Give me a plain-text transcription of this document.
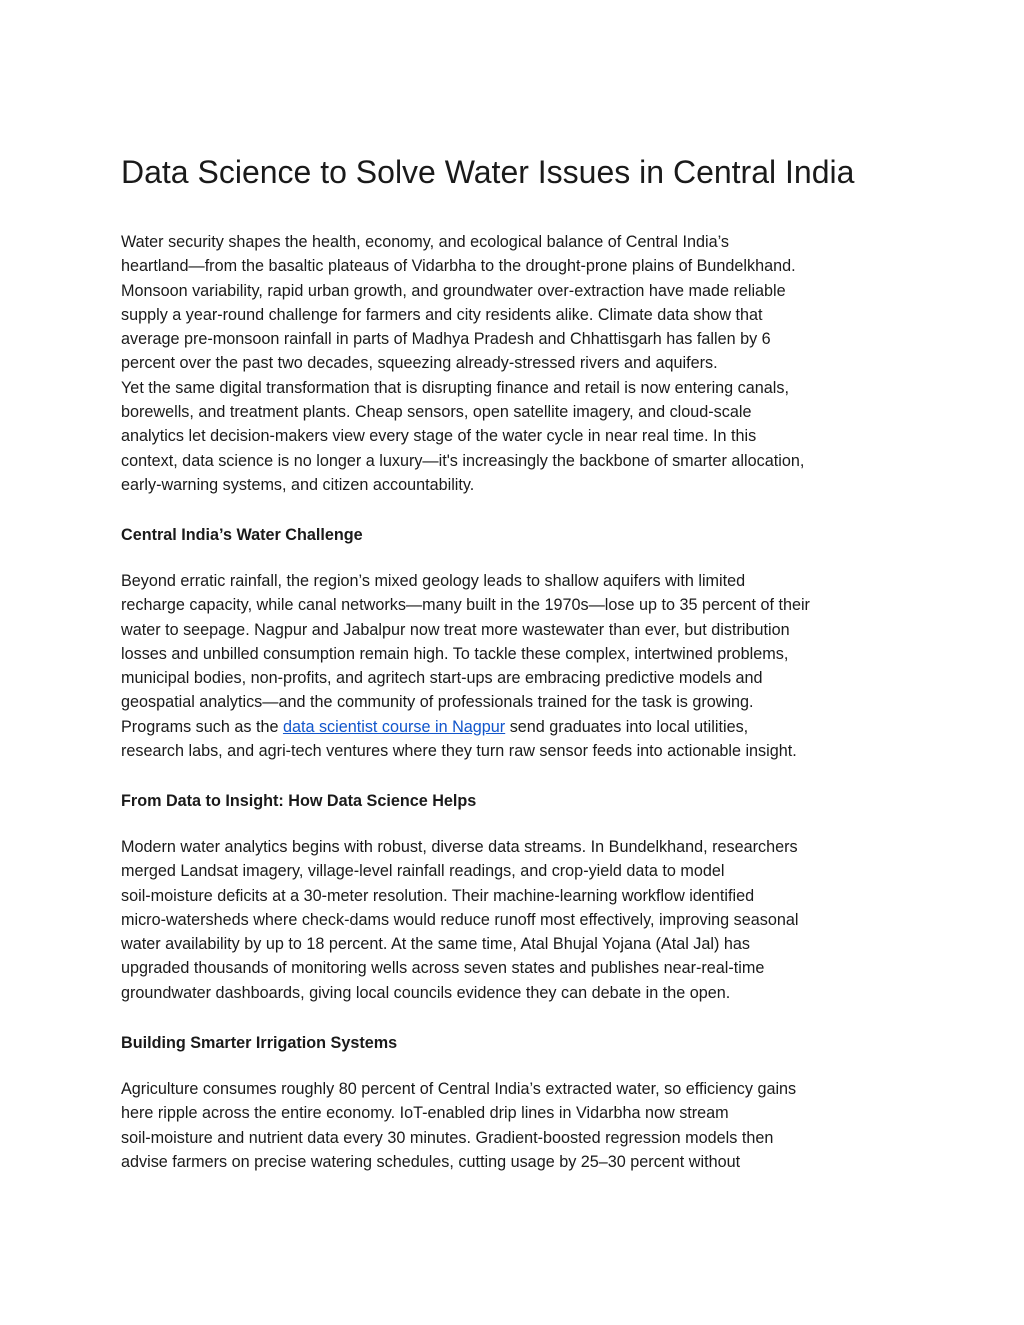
Data Science to Solve Water Issues in Central India
Water security shapes the health, economy, and ecological balance of Central India’s
heartland—from the basaltic plateaus of Vidarbha to the drought-prone plains of Bundelkhand.
Monsoon variability, rapid urban growth, and groundwater over-extraction have made reliable
supply a year-round challenge for farmers and city residents alike. Climate data show that
average pre-monsoon rainfall in parts of Madhya Pradesh and Chhattisgarh has fallen by 6
percent over the past two decades, squeezing already-stressed rivers and aquifers.
Yet the same digital transformation that is disrupting finance and retail is now entering canals,
borewells, and treatment plants. Cheap sensors, open satellite imagery, and cloud-scale
analytics let decision-makers view every stage of the water cycle in near real time. In this
context, data science is no longer a luxury—it's increasingly the backbone of smarter allocation,
early-warning systems, and citizen accountability.
Central India’s Water Challenge
Beyond erratic rainfall, the region’s mixed geology leads to shallow aquifers with limited
recharge capacity, while canal networks—many built in the 1970s—lose up to 35 percent of their
water to seepage. Nagpur and Jabalpur now treat more wastewater than ever, but distribution
losses and unbilled consumption remain high. To tackle these complex, intertwined problems,
municipal bodies, non-profits, and agritech start-ups are embracing predictive models and
geospatial analytics—and the community of professionals trained for the task is growing.
Programs such as the data scientist course in Nagpur send graduates into local utilities,
research labs, and agri-tech ventures where they turn raw sensor feeds into actionable insight.
From Data to Insight: How Data Science Helps
Modern water analytics begins with robust, diverse data streams. In Bundelkhand, researchers
merged Landsat imagery, village-level rainfall readings, and crop-yield data to model
soil-moisture deficits at a 30-meter resolution. Their machine-learning workflow identified
micro-watersheds where check-dams would reduce runoff most effectively, improving seasonal
water availability by up to 18 percent. At the same time, Atal Bhujal Yojana (Atal Jal) has
upgraded thousands of monitoring wells across seven states and publishes near-real-time
groundwater dashboards, giving local councils evidence they can debate in the open.
Building Smarter Irrigation Systems
Agriculture consumes roughly 80 percent of Central India’s extracted water, so efficiency gains
here ripple across the entire economy. IoT-enabled drip lines in Vidarbha now stream
soil-moisture and nutrient data every 30 minutes. Gradient-boosted regression models then
advise farmers on precise watering schedules, cutting usage by 25–30 percent without
